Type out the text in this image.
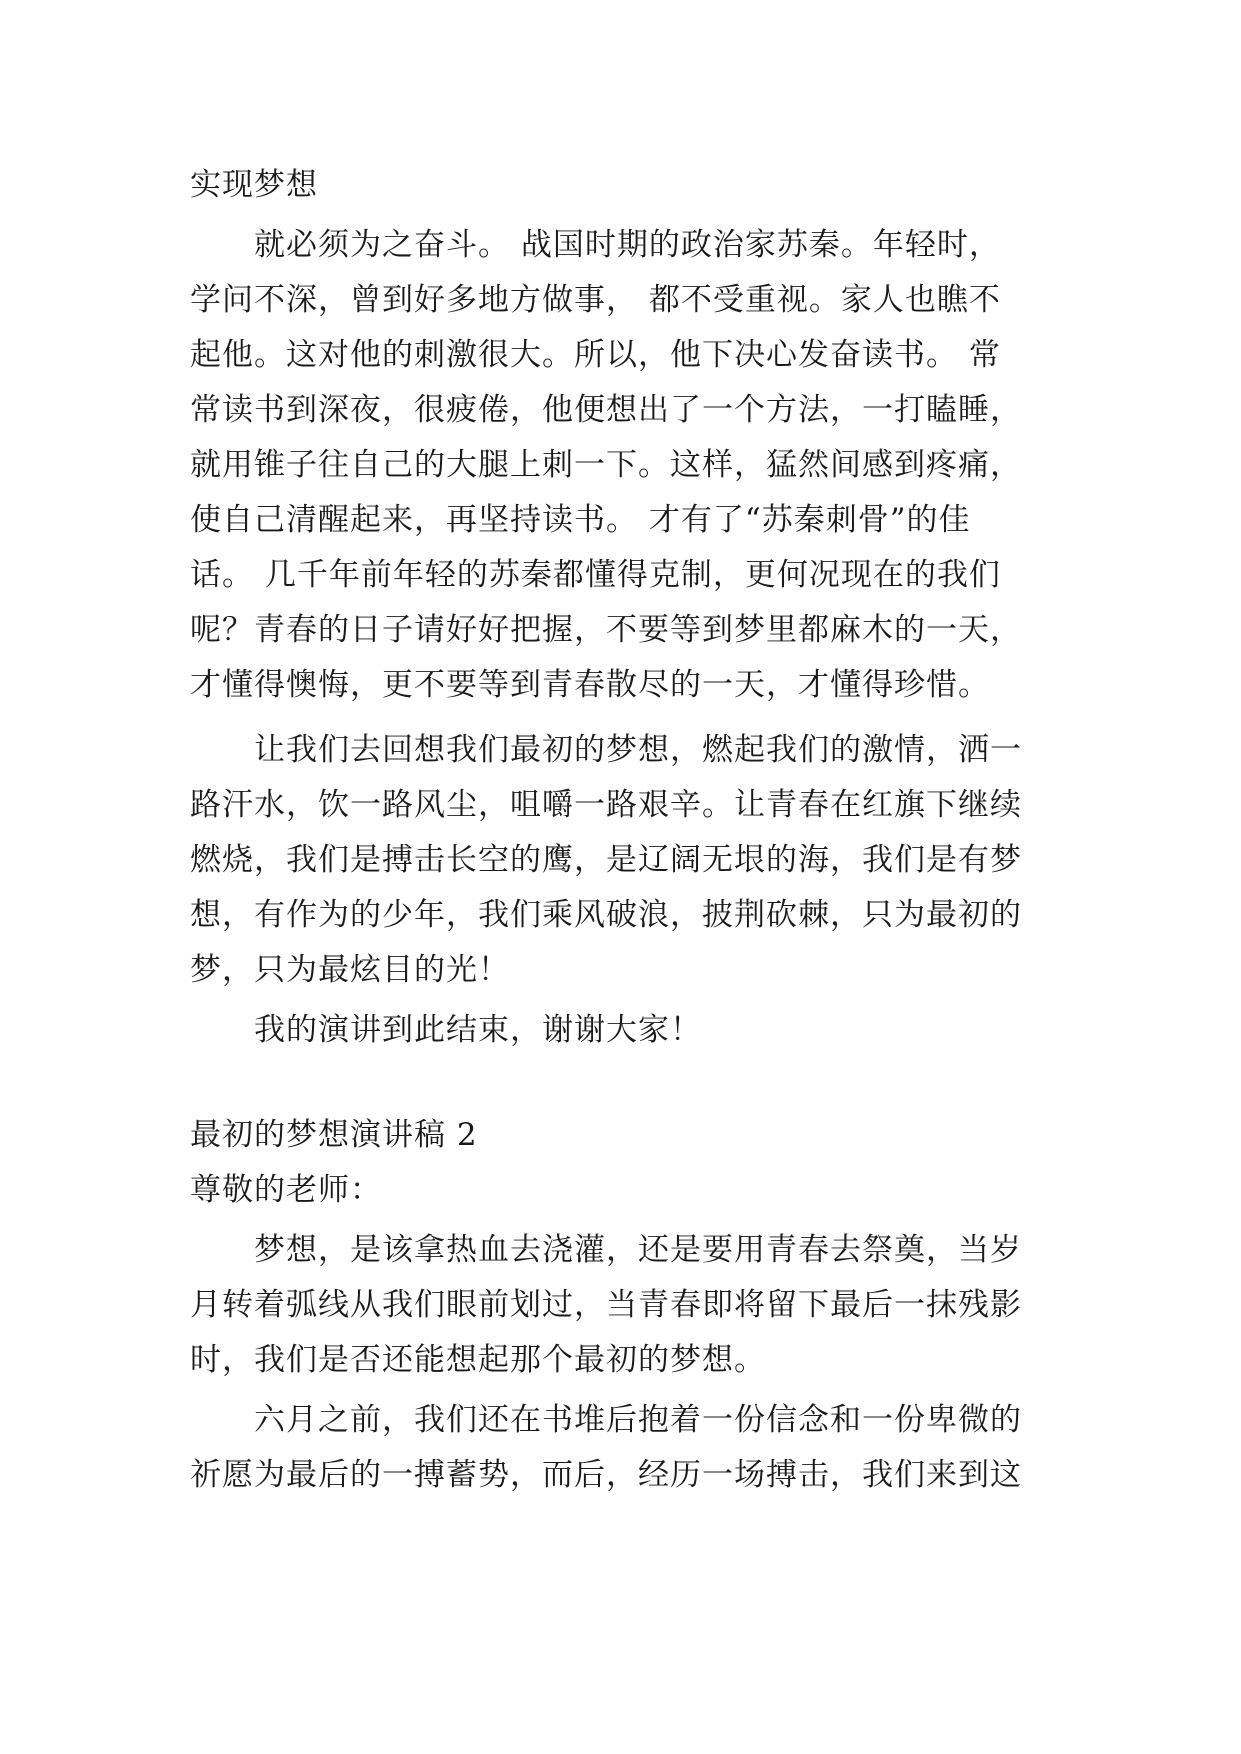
实现梦想
就必须为之奋斗。 战国时期的政治家苏秦。年轻时，
学问不深，曾到好多地方做事， 都不受重视。家人也瞧不
起他。这对他的刺激很大。所以，他下决心发奋读书。 常
常读书到深夜，很疲倦，他便想出了一个方法，一打瞌睡，
就用锥子往自己的大腿上刺一下。这样，猛然间感到疼痛，
使自己清醒起来，再坚持读书。 才有了“苏秦刺骨”的佳
话。 几千年前年轻的苏秦都懂得克制，更何况现在的我们
呢？青春的日子请好好把握，不要等到梦里都麻木的一天，
才懂得懊悔，更不要等到青春散尽的一天，才懂得珍惜。
让我们去回想我们最初的梦想，燃起我们的激情，洒一
路汗水，饮一路风尘，咀嚼一路艰辛。让青春在红旗下继续
燃烧，我们是搏击长空的鹰，是辽阔无垠的海，我们是有梦
想，有作为的少年，我们乘风破浪，披荆砍棘，只为最初的
梦，只为最炫目的光！
我的演讲到此结束，谢谢大家！
最初的梦想演讲稿 2
尊敬的老师：
梦想，是该拿热血去浇灌，还是要用青春去祭奠，当岁
月转着弧线从我们眼前划过，当青春即将留下最后一抹残影
时，我们是否还能想起那个最初的梦想。
六月之前，我们还在书堆后抱着一份信念和一份卑微的
祈愿为最后的一搏蓄势，而后，经历一场搏击，我们来到这
